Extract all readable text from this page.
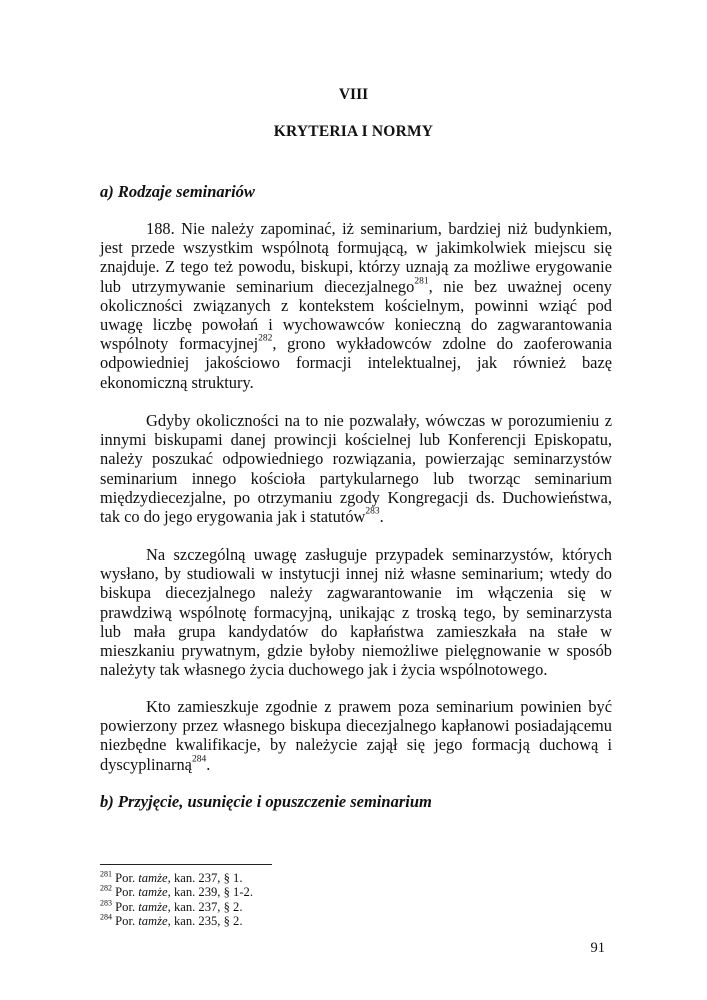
VIII
KRYTERIA I NORMY
a) Rodzaje seminariów

188. Nie należy zapominać, iż seminarium, bardziej niż budynkiem, jest przede wszystkim wspólnotą formującą, w jakimkolwiek miejscu się znajduje. Z tego też powodu, biskupi, którzy uznają za możliwe erygowanie lub utrzymywanie seminarium diecezjalnego$^{281}$, nie bez uważnej oceny okoliczności związanych z kontekstem kościelnym, powinni wziąć pod uwagę liczbę powołań i wychowawców konieczną do zagwarantowania wspólnoty formacyjnej$^{282}$, grono wykładowców zdolne do zaoferowania odpowiedniej jakościowo formacji intelektualnej, jak również bazę ekonomiczną struktury.

Gdyby okoliczności na to nie pozwalały, wówczas w porozumieniu z innymi biskupami danej prowincji kościelnej lub Konferencji Episkopatu, należy poszukać odpowiedniego rozwiązania, powierzając seminarzystów seminarium innego kościoła partykularnego lub tworząc seminarium międzydiecezjalne, po otrzymaniu zgody Kongregacji ds. Duchowieństwa, tak co do jego erygowania jak i statutów$^{283}$.

Na szczególną uwagę zasługuje przypadek seminarzystów, których wysłano, by studiowali w instytucji innej niż własne seminarium; wtedy do biskupa diecezjalnego należy zagwarantowanie im włączenia się w prawdziwą wspólnotę formacyjną, unikając z troską tego, by seminarzysta lub mała grupa kandydatów do kapłaństwa zamieszkała na stałe w mieszkaniu prywatnym, gdzie byłoby niemożliwe pielęgnowanie w sposób należyty tak własnego życia duchowego jak i życia wspólnotowego.

Kto zamieszkuje zgodnie z prawem poza seminarium powinien być powierzony przez własnego biskupa diecezjalnego kapłanowi posiadającemu niezbędne kwalifikacje, by należycie zajął się jego formacją duchową i dyscyplinarną$^{284}$.

b) Przyjęcie, usunięcie i opuszczenie seminarium
$^{281}$ Por. tamże, kan. 237, § 1.
$^{282}$ Por. tamże, kan. 239, § 1-2.
$^{283}$ Por. tamże, kan. 237, § 2.
$^{284}$ Por. tamże, kan. 235, § 2.
91
